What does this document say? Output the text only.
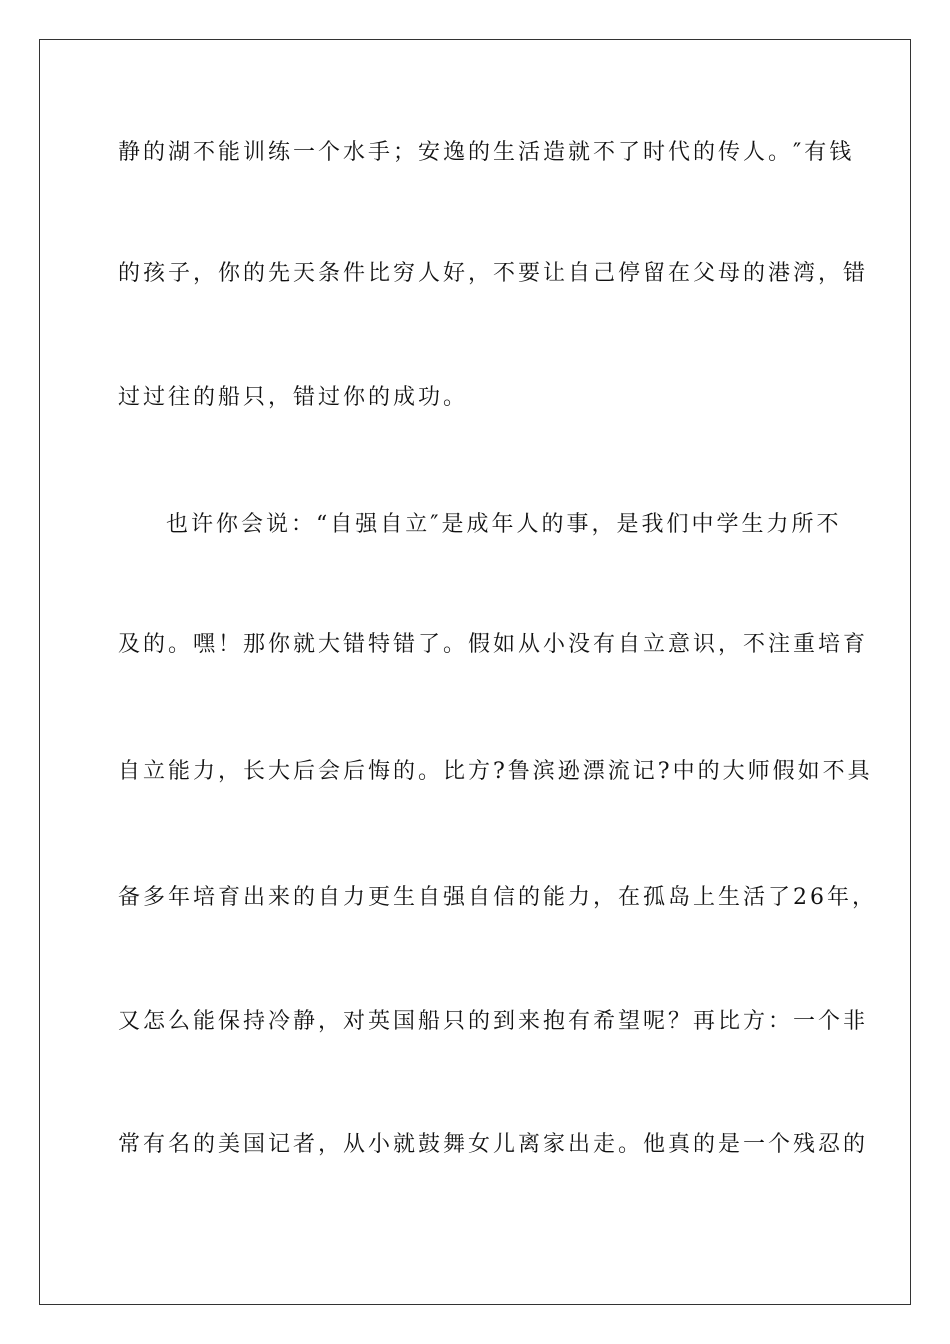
静的湖不能训练一个水手；安逸的生活造就不了时代的传人。″有钱
的孩子，你的先天条件比穷人好，不要让自己停留在父母的港湾，错
过过往的船只，错过你的成功。
也许你会说：“自强自立″是成年人的事，是我们中学生力所不
及的。嘿！那你就大错特错了。假如从小没有自立意识，不注重培育
自立能力，长大后会后悔的。比方?鲁滨逊漂流记?中的大师假如不具
备多年培育出来的自力更生自强自信的能力，在孤岛上生活了26年，
又怎么能保持冷静，对英国船只的到来抱有希望呢？再比方：一个非
常有名的美国记者，从小就鼓舞女儿离家出走。他真的是一个残忍的
